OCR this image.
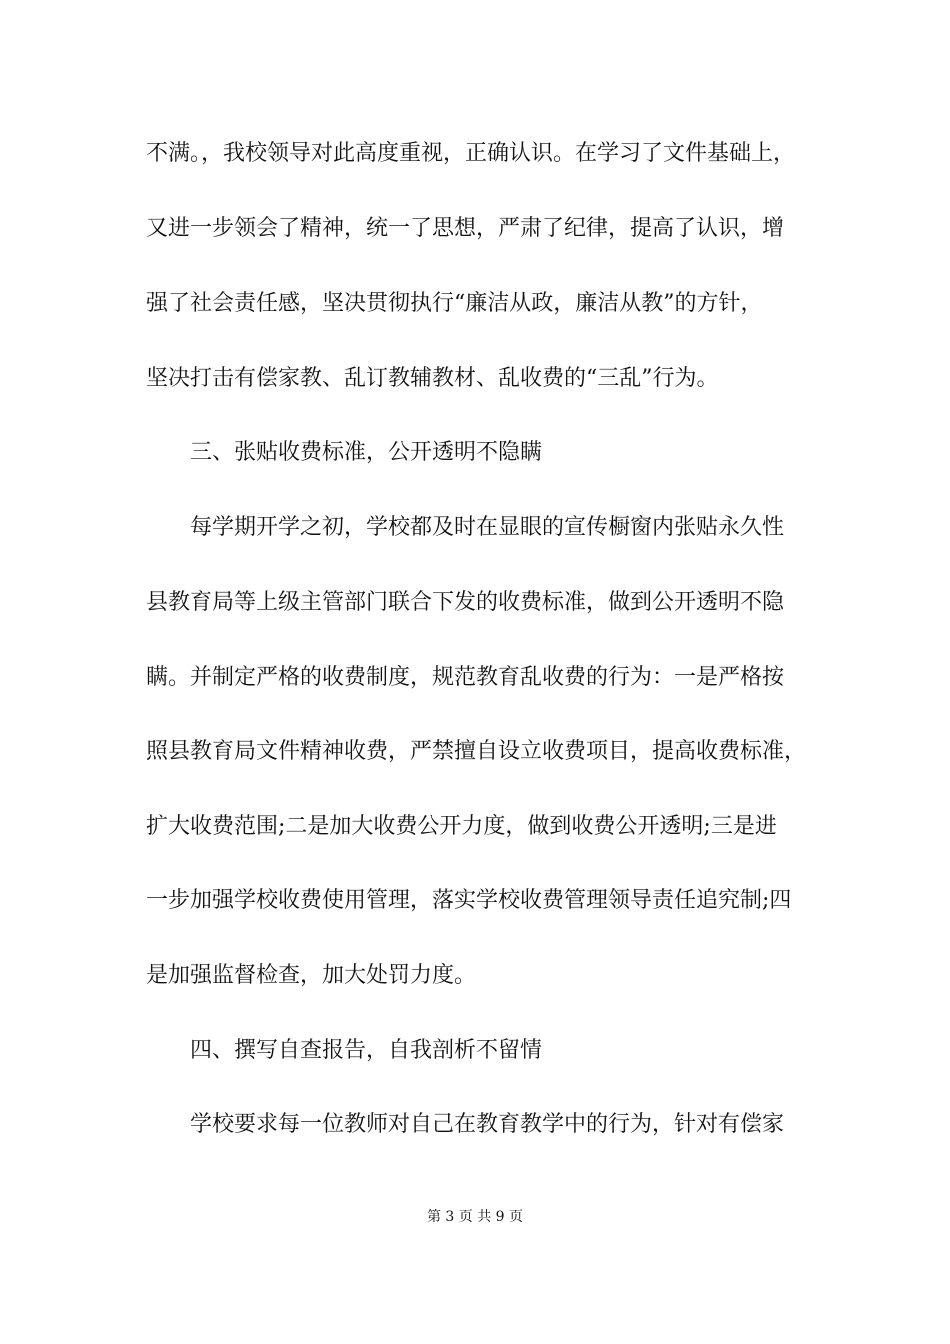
不满。，我校领导对此高度重视，正确认识。在学习了文件基础上，
又进一步领会了精神，统一了思想，严肃了纪律，提高了认识，增
强了社会责任感，坚决贯彻执行“廉洁从政，廉洁从教”的方针，
坚决打击有偿家教、乱订教辅教材、乱收费的“三乱”行为。
三、张贴收费标准，公开透明不隐瞒
每学期开学之初，学校都及时在显眼的宣传橱窗内张贴永久性
县教育局等上级主管部门联合下发的收费标准，做到公开透明不隐
瞒。并制定严格的收费制度，规范教育乱收费的行为：一是严格按
照县教育局文件精神收费，严禁擅自设立收费项目，提高收费标准，
扩大收费范围;二是加大收费公开力度，做到收费公开透明;三是进
一步加强学校收费使用管理，落实学校收费管理领导责任追究制;四
是加强监督检查，加大处罚力度。
四、撰写自查报告，自我剖析不留情
学校要求每一位教师对自己在教育教学中的行为，针对有偿家
第 3 页 共 9 页
